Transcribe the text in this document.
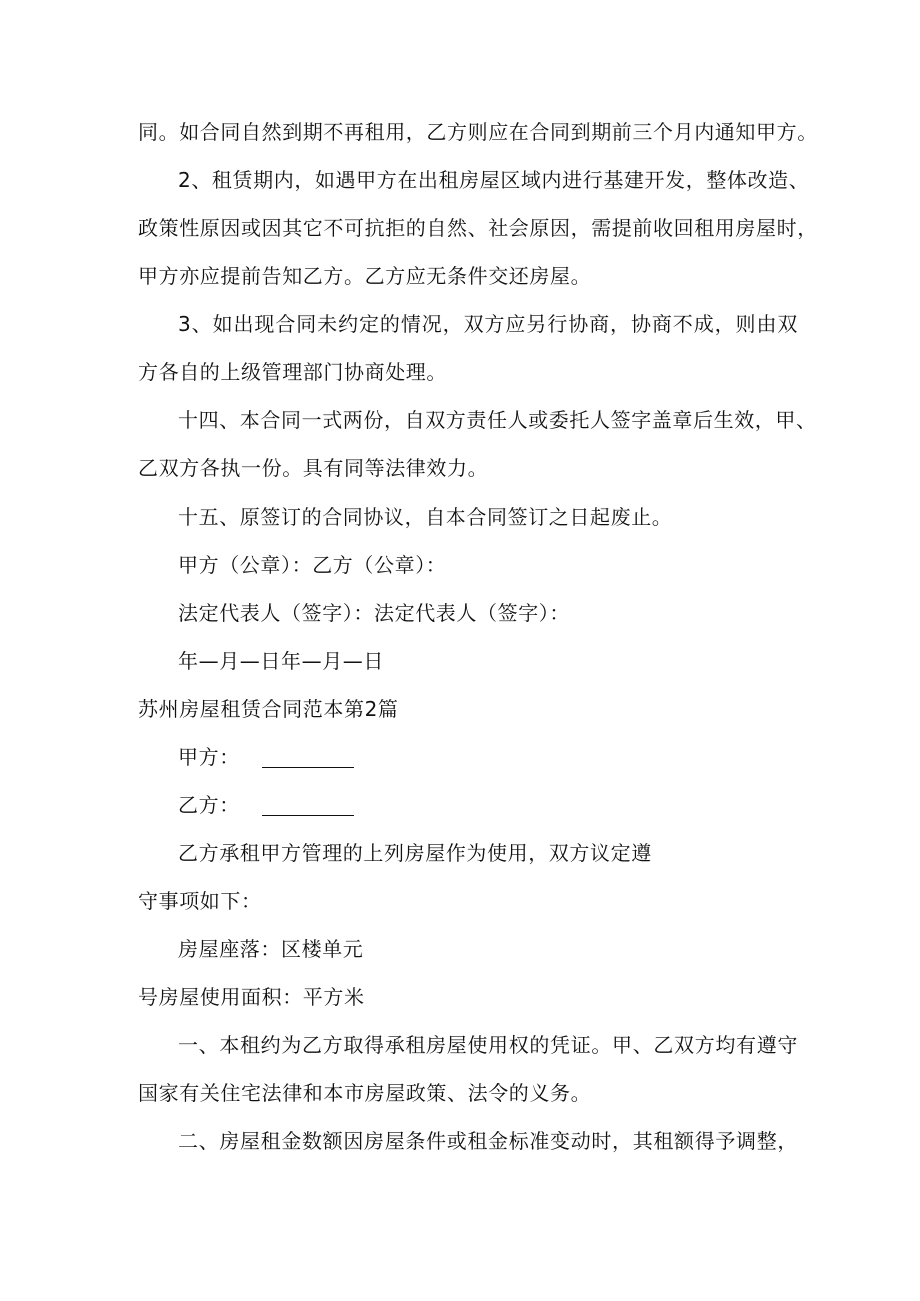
同。如合同自然到期不再租用，乙方则应在合同到期前三个月内通知甲方。
2、租赁期内，如遇甲方在出租房屋区域内进行基建开发，整体改造、
政策性原因或因其它不可抗拒的自然、社会原因，需提前收回租用房屋时，
甲方亦应提前告知乙方。乙方应无条件交还房屋。
3、如出现合同未约定的情况，双方应另行协商，协商不成，则由双
方各自的上级管理部门协商处理。
十四、本合同一式两份，自双方责任人或委托人签字盖章后生效，甲、
乙双方各执一份。具有同等法律效力。
十五、原签订的合同协议，自本合同签订之日起废止。
甲方（公章）：乙方（公章）：
法定代表人（签字）：法定代表人（签字）：
年—月—日年—月—日
苏州房屋租赁合同范本第2篇
甲方：
乙方：
乙方承租甲方管理的上列房屋作为使用，双方议定遵
守事项如下：
房屋座落：区楼单元
号房屋使用面积：平方米
一、本租约为乙方取得承租房屋使用权的凭证。甲、乙双方均有遵守
国家有关住宅法律和本市房屋政策、法令的义务。
二、房屋租金数额因房屋条件或租金标准变动时，其租额得予调整，
